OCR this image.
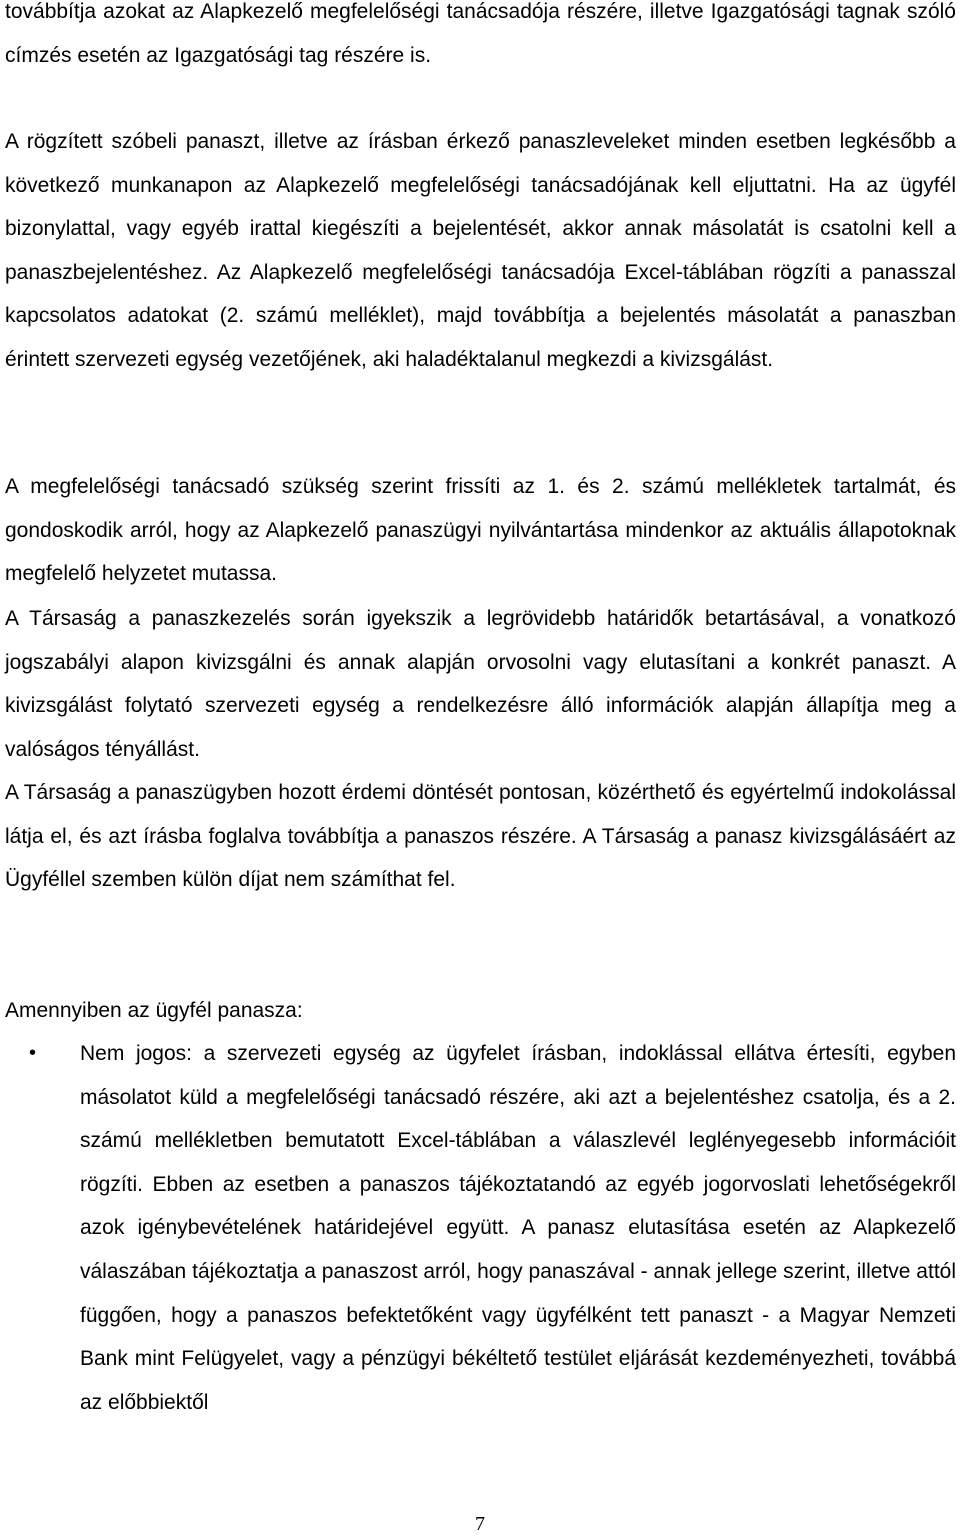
továbbítja azokat az Alapkezelő megfelelőségi tanácsadója részére, illetve Igazgatósági tagnak szóló címzés esetén az Igazgatósági tag részére is.

A rögzített szóbeli panaszt, illetve az írásban érkező panaszleveleket minden esetben legkésőbb a következő munkanapon az Alapkezelő megfelelőségi tanácsadójának kell eljuttatni. Ha az ügyfél bizonylattal, vagy egyéb irattal kiegészíti a bejelentését, akkor annak másolatát is csatolni kell a panaszbejelentéshez. Az Alapkezelő megfelelőségi tanácsadója Excel-táblában rögzíti a panasszal kapcsolatos adatokat (2. számú melléklet), majd továbbítja a bejelentés másolatát a panaszban érintett szervezeti egység vezetőjének, aki haladéktalanul megkezdi a kivizsgálást.

A megfelelőségi tanácsadó szükség szerint frissíti az 1. és 2. számú mellékletek tartalmát, és gondoskodik arról, hogy az Alapkezelő panaszügyi nyilvántartása mindenkor az aktuális állapotoknak megfelelő helyzetet mutassa.

A Társaság a panaszkezelés során igyekszik a legrövidebb határidők betartásával, a vonatkozó jogszabályi alapon kivizsgálni és annak alapján orvosolni vagy elutasítani a konkrét panaszt. A kivizsgálást folytató szervezeti egység a rendelkezésre álló információk alapján állapítja meg a valóságos tényállást.

A Társaság a panaszügyben hozott érdemi döntését pontosan, közérthető és egyértelmű indokolással látja el, és azt írásba foglalva továbbítja a panaszos részére. A Társaság a panasz kivizsgálásáért az Ügyféllel szemben külön díjat nem számíthat fel.

Amennyiben az ügyfél panasza:

• Nem jogos: a szervezeti egység az ügyfelet írásban, indoklással ellátva értesíti, egyben másolatot küld a megfelelőségi tanácsadó részére, aki azt a bejelentéshez csatolja, és a 2. számú mellékletben bemutatott Excel-táblában a válaszlevél leglényegesebb információit rögzíti. Ebben az esetben a panaszos tájékoztatandó az egyéb jogorvoslati lehetőségekről azok igénybevételének határidejével együtt. A panasz elutasítása esetén az Alapkezelő válaszában tájékoztatja a panaszost arról, hogy panaszával - annak jellege szerint, illetve attól függően, hogy a panaszos befektetőként vagy ügyfélként tett panaszt - a Magyar Nemzeti Bank mint Felügyelet, vagy a pénzügyi békéltető testület eljárását kezdeményezheti, továbbá az előbbiektől
7
